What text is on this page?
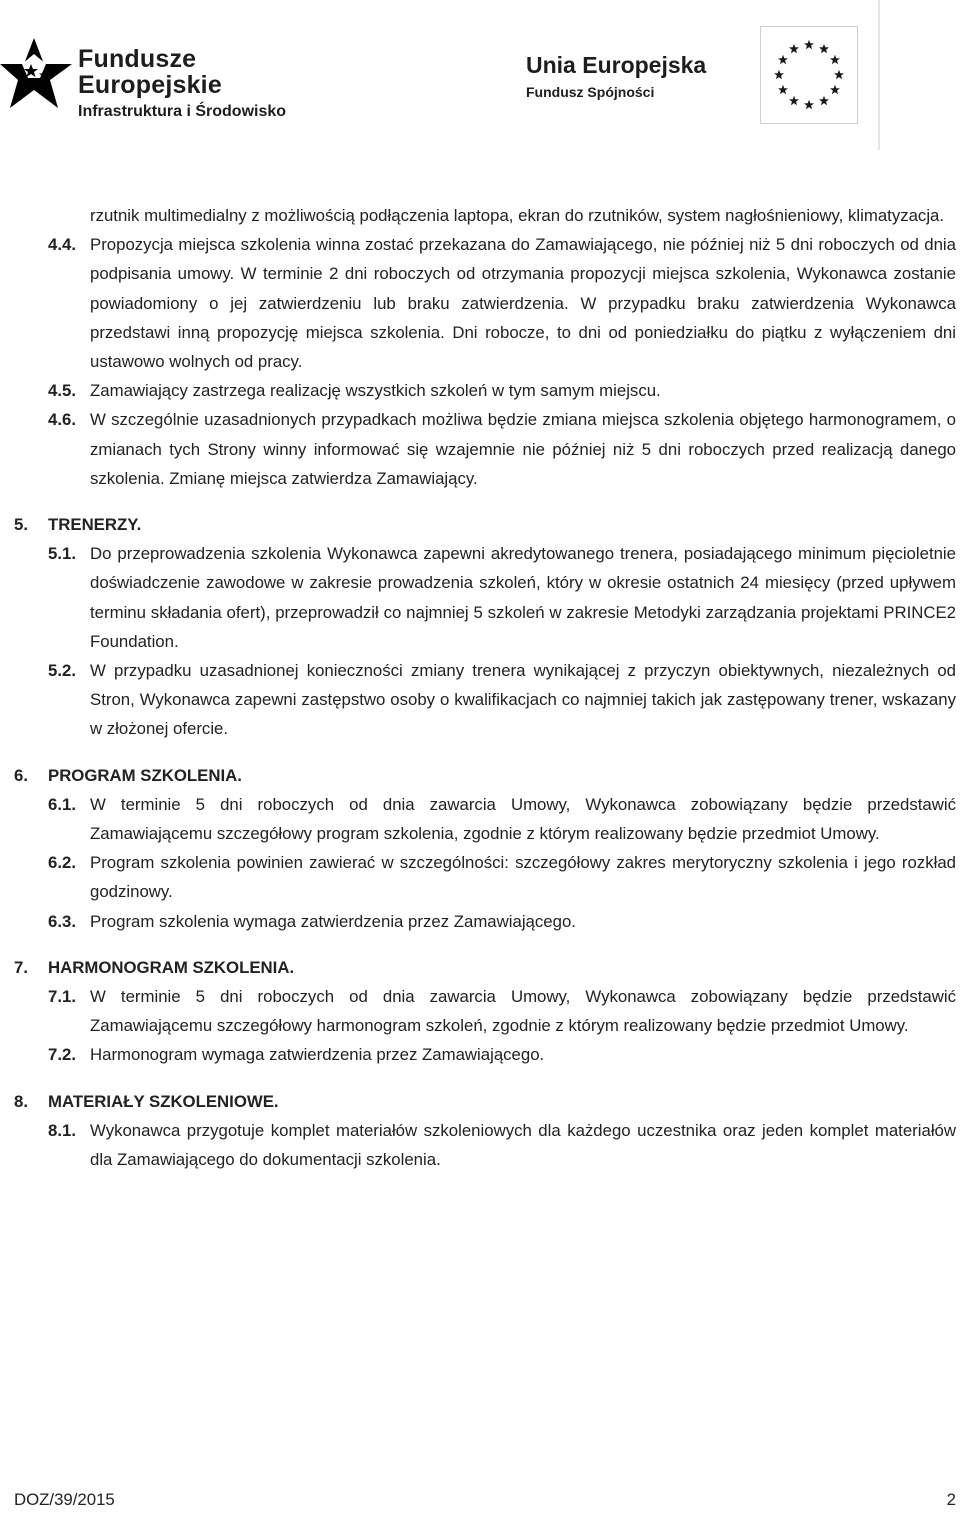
Fundusze
Europejskie
Infrastruktura i Środowisko
Unia Europejska
Fundusz Spójności
rzutnik multimedialny z możliwością podłączenia laptopa, ekran do rzutników, system nagłośnieniowy, klimatyzacja.
4.4. Propozycja miejsca szkolenia winna zostać przekazana do Zamawiającego, nie później niż 5 dni roboczych od dnia podpisania umowy. W terminie 2 dni roboczych od otrzymania propozycji miejsca szkolenia, Wykonawca zostanie powiadomiony o jej zatwierdzeniu lub braku zatwierdzenia. W przypadku braku zatwierdzenia Wykonawca przedstawi inną propozycję miejsca szkolenia. Dni robocze, to dni od poniedziałku do piątku z wyłączeniem dni ustawowo wolnych od pracy.
4.5. Zamawiający zastrzega realizację wszystkich szkoleń w tym samym miejscu.
4.6. W szczególnie uzasadnionych przypadkach możliwa będzie zmiana miejsca szkolenia objętego harmonogramem, o zmianach tych Strony winny informować się wzajemnie nie później niż 5 dni roboczych przed realizacją danego szkolenia. Zmianę miejsca zatwierdza Zamawiający.
5.	TRENERZY.
5.1. Do przeprowadzenia szkolenia Wykonawca zapewni akredytowanego trenera, posiadającego minimum pięcioletnie doświadczenie zawodowe w zakresie prowadzenia szkoleń, który w okresie ostatnich 24 miesięcy (przed upływem terminu składania ofert), przeprowadził co najmniej 5 szkoleń w zakresie Metodyki zarządzania projektami PRINCE2 Foundation.
5.2. W przypadku uzasadnionej konieczności zmiany trenera wynikającej z przyczyn obiektywnych, niezależnych od Stron, Wykonawca zapewni zastępstwo osoby o kwalifikacjach co najmniej takich jak zastępowany trener, wskazany w złożonej ofercie.
6.	PROGRAM SZKOLENIA.
6.1. W terminie 5 dni roboczych od dnia zawarcia Umowy, Wykonawca zobowiązany będzie przedstawić Zamawiającemu szczegółowy program szkolenia, zgodnie z którym realizowany będzie przedmiot Umowy.
6.2. Program szkolenia powinien zawierać w szczególności: szczegółowy zakres merytoryczny szkolenia i jego rozkład godzinowy.
6.3. Program szkolenia wymaga zatwierdzenia przez Zamawiającego.
7.	HARMONOGRAM SZKOLENIA.
7.1. W terminie 5 dni roboczych od dnia zawarcia Umowy, Wykonawca zobowiązany będzie przedstawić Zamawiającemu szczegółowy harmonogram szkoleń, zgodnie z którym realizowany będzie przedmiot Umowy.
7.2. Harmonogram wymaga zatwierdzenia przez Zamawiającego.
8.	MATERIAŁY SZKOLENIOWE.
8.1. Wykonawca przygotuje komplet materiałów szkoleniowych dla każdego uczestnika oraz jeden komplet materiałów dla Zamawiającego do dokumentacji szkolenia.
DOZ/39/2015	2
